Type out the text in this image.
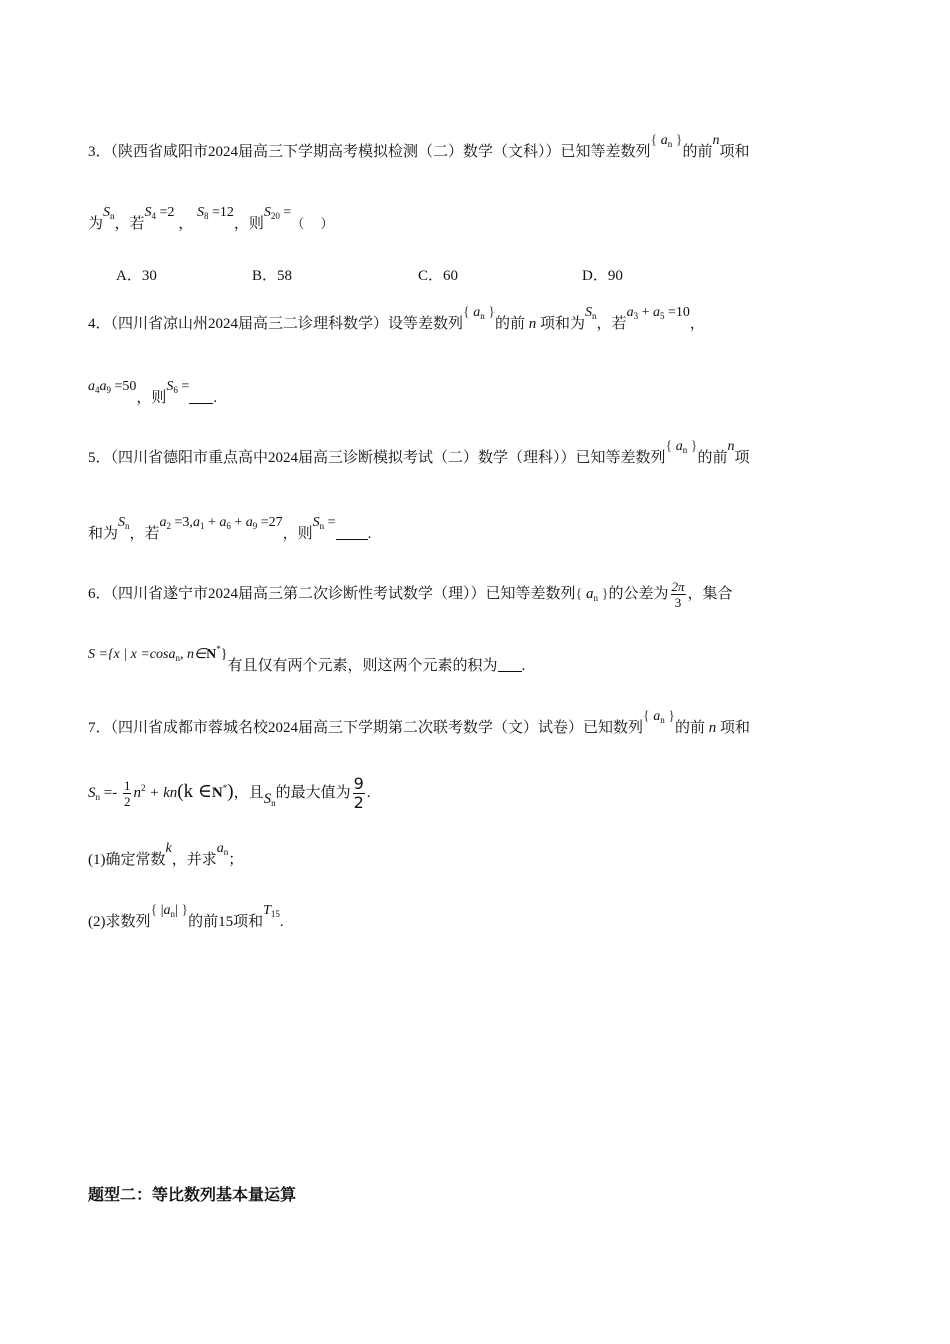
3．（陕西省咸阳市2024届高三下学期高考模拟检测（二）数学（文科））已知等差数列{ $a_n$ }的前n项和
为$S_n$，若$S_4 =2$ ， $S_8 =12$，则$S_{20}$ =（　 ）
A．30	B．58	C．60	D．90
4．（四川省凉山州2024届高三二诊理科数学）设等差数列{ $a_n$ }的前 n 项和为$S_n$，若$a_3 + a_5 =10$，
$a_4a_9 =50$，则$S_6$ =.
5．（四川省德阳市重点高中2024届高三诊断模拟考试（二）数学（理科））已知等差数列{ $a_n$ }的前n项
和为$S_n$，若$a_2 =3,a_1 + a_6 + a_9 =27$，则$S_n$ =.
6．（四川省遂宁市2024届高三第二次诊断性考试数学（理））已知等差数列{ $a_n$ }的公差为 $\frac{2\pi}{3}$ ，集合
S ={x | x =cosa$_n$, n∈N*}有且仅有两个元素，则这两个元素的积为 .
7．（四川省成都市蓉城名校2024届高三下学期第二次联考数学（文）试卷）已知数列{ $a_n$ }的前 n 项和
$S_n =- \frac{1}{2} n^2 + kn(k$ ∈N*)，且$S_n$的最大值为 $\frac{9}{2}$ .
(1)确定常数k，并求$a_n$；
(2)求数列{ $|a_n|$ }的前15项和$T_{15}$.
题型二：等比数列基本量运算
